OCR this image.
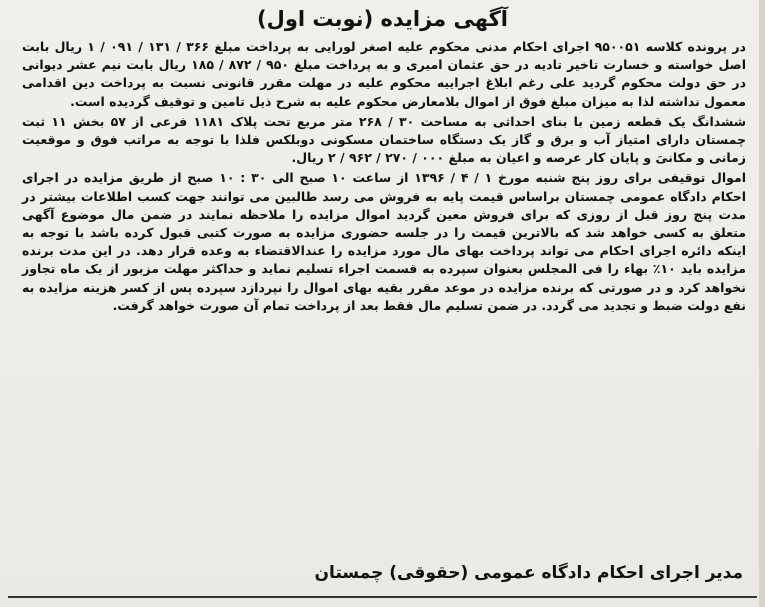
آگهی مزایده (نوبت اول)

در پرونده کلاسه ۹۵۰۰۵۱ اجرای احکام مدنی محکوم علیه اصغر لورایی به پرداخت مبلغ ۳۶۶ / ۱۳۱ / ۰۹۱ / ۱ ریال بابت اصل خواسته و خسارت تاخیر تادیه در حق عثمان امیری و به پرداخت مبلغ ۹۵۰ / ۸۷۲ / ۱۸۵ ریال بابت نیم عشر دیوانی در حق دولت محکوم گردید علی رغم ابلاغ اجراییه محکوم علیه در مهلت مقرر قانونی نسبت به پرداخت دین اقدامی معمول نداشته لذا به میزان مبلغ فوق از اموال بلامعارض محکوم علیه به شرح ذیل تامین و توقیف گردیده است.

ششدانگ یک قطعه زمین با بنای احداثی به مساحت ۳۰ / ۲۶۸ متر مربع تحت پلاک ۱۱۸۱ فرعی از ۵۷ بخش ۱۱ ثبت چمستان دارای امتیاز آب و برق و گاز یک دستگاه ساختمان مسکونی دوبلکس فلذا با توجه به مراتب فوق و موقعیت زمانی و مکانیَ و پایان کار عرصه و اعیان به مبلغ ۰۰۰ / ۲۷۰ / ۹۶۲ / ۲ ریال.

اموال توقیفی برای روز پنج شنبه مورخ ۱ / ۴ / ۱۳۹۶ از ساعت ۱۰ صبح الی ۳۰ : ۱۰ صبح از طریق مزایده در اجرای احکام دادگاه عمومی چمستان براساس قیمت پایه به فروش می رسد طالبین می توانند جهت کسب اطلاعات بیشتر در مدت پنج روز قبل از روزی که برای فروش معین گردید اموال مزایده را ملاحظه نمایند در ضمن مال موضوع آگهی متعلق به کسی خواهد شد که بالاترین قیمت را در جلسه حضوری مزایده به صورت کتبی قبول کرده باشد با توجه به اینکه دائره اجرای احکام می تواند پرداخت بهای مال مورد مزایده را عندالاقتضاء به وعده قرار دهد. در این مدت برنده مزایده باید ۱۰٪ بهاء را فی المجلس بعنوان سپرده به قسمت اجراء تسلیم نماید و حداکثر مهلت مزبور از یک ماه تجاوز نخواهد کرد و در صورتی که برنده مزایده در موعد مقرر بقیه بهای اموال را نپردازد سپرده پس از کسر هزینه مزایده به نفع دولت ضبط و تجدید می گردد. در ضمن تسلیم مال فقط بعد از پرداخت تمام آن صورت خواهد گرفت.

مدیر اجرای احکام دادگاه عمومی (حقوقی) چمستان
